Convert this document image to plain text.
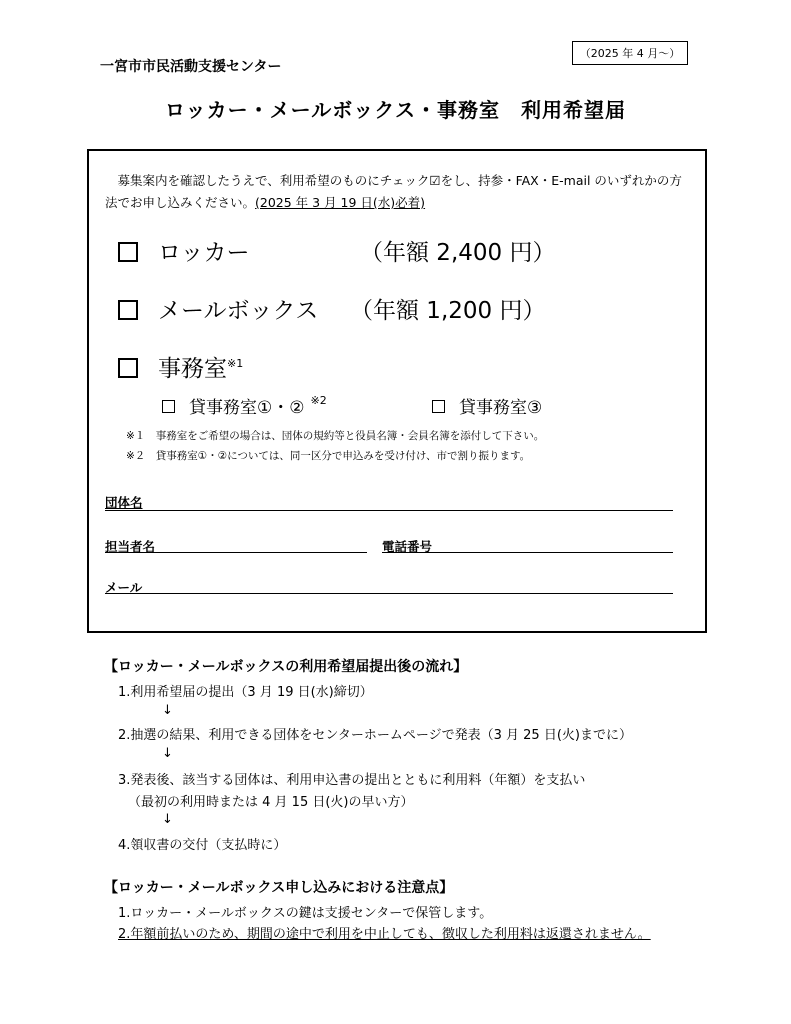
（2025 年 4 月〜）
一宮市市民活動支援センター
ロッカー・メールボックス・事務室　利用希望届
　募集案内を確認したうえで、利用希望のものにチェック☑をし、持参・FAX・E-mail のいずれかの方法でお申し込みください。(2025 年 3 月 19 日(水)必着)
ロッカー	（年額 2,400 円）
メールボックス （年額 1,200 円）
事務室$^{※1}$
貸事務室①・② $^{※2}$	貸事務室③
※１　事務室をご希望の場合は、団体の規約等と役員名簿・会員名簿を添付して下さい。
※２　貸事務室①・②については、同一区分で申込みを受け付け、市で割り振ります。
団体名
担当者名	電話番号
メール
【ロッカー・メールボックスの利用希望届提出後の流れ】
1.利用希望届の提出（3 月 19 日(水)締切）
↓
2.抽選の結果、利用できる団体をセンターホームページで発表（3 月 25 日(火)までに）
↓
3.発表後、該当する団体は、利用申込書の提出とともに利用料（年額）を支払い
（最初の利用時または 4 月 15 日(火)の早い方）
↓
4.領収書の交付（支払時に）
【ロッカー・メールボックス申し込みにおける注意点】
1.ロッカー・メールボックスの鍵は支援センターで保管します。
2.年額前払いのため、期間の途中で利用を中止しても、徴収した利用料は返還されません。
